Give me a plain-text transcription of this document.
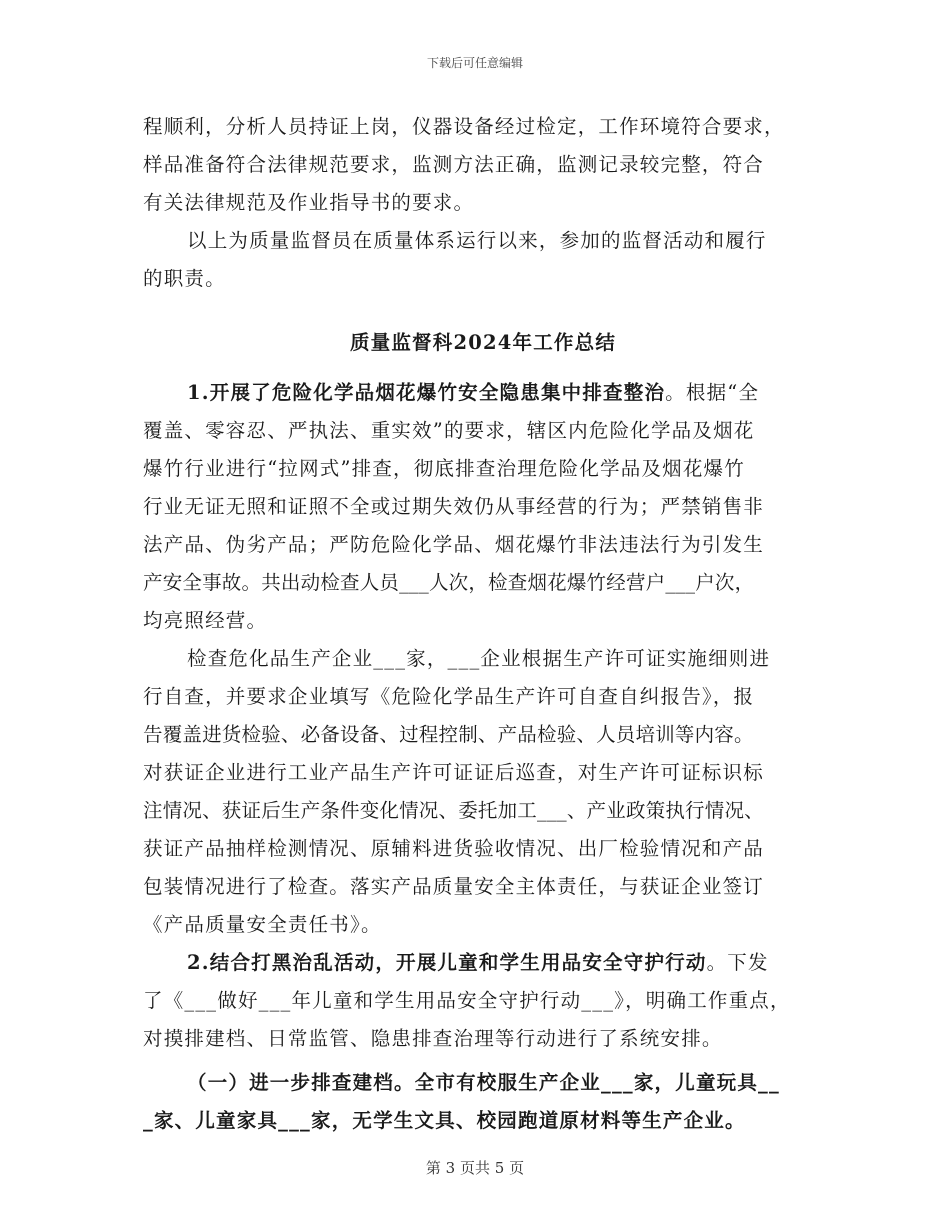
下载后可任意编辑
程顺利，分析人员持证上岗，仪器设备经过检定，工作环境符合要求，
样品准备符合法律规范要求，监测方法正确，监测记录较完整，符合
有关法律规范及作业指导书的要求。
以上为质量监督员在质量体系运行以来，参加的监督活动和履行
的职责。
质量监督科2024年工作总结
1.开展了危险化学品烟花爆竹安全隐患集中排查整治。根据“全
覆盖、零容忍、严执法、重实效”的要求，辖区内危险化学品及烟花
爆竹行业进行“拉网式”排查，彻底排查治理危险化学品及烟花爆竹
行业无证无照和证照不全或过期失效仍从事经营的行为；严禁销售非
法产品、伪劣产品；严防危险化学品、烟花爆竹非法违法行为引发生
产安全事故。共出动检查人员___人次，检查烟花爆竹经营户___户次，
均亮照经营。
检查危化品生产企业___家，___企业根据生产许可证实施细则进
行自查，并要求企业填写《危险化学品生产许可自查自纠报告》，报
告覆盖进货检验、必备设备、过程控制、产品检验、人员培训等内容。
对获证企业进行工业产品生产许可证证后巡查，对生产许可证标识标
注情况、获证后生产条件变化情况、委托加工___、产业政策执行情况、
获证产品抽样检测情况、原辅料进货验收情况、出厂检验情况和产品
包装情况进行了检查。落实产品质量安全主体责任，与获证企业签订
《产品质量安全责任书》。
2.结合打黑治乱活动，开展儿童和学生用品安全守护行动。下发
了《___做好___年儿童和学生用品安全守护行动___》，明确工作重点，
对摸排建档、日常监管、隐患排查治理等行动进行了系统安排。
（一）进一步排查建档。全市有校服生产企业___家，儿童玩具__
_家、儿童家具___家，无学生文具、校园跑道原材料等生产企业。
第 3 页共 5 页
